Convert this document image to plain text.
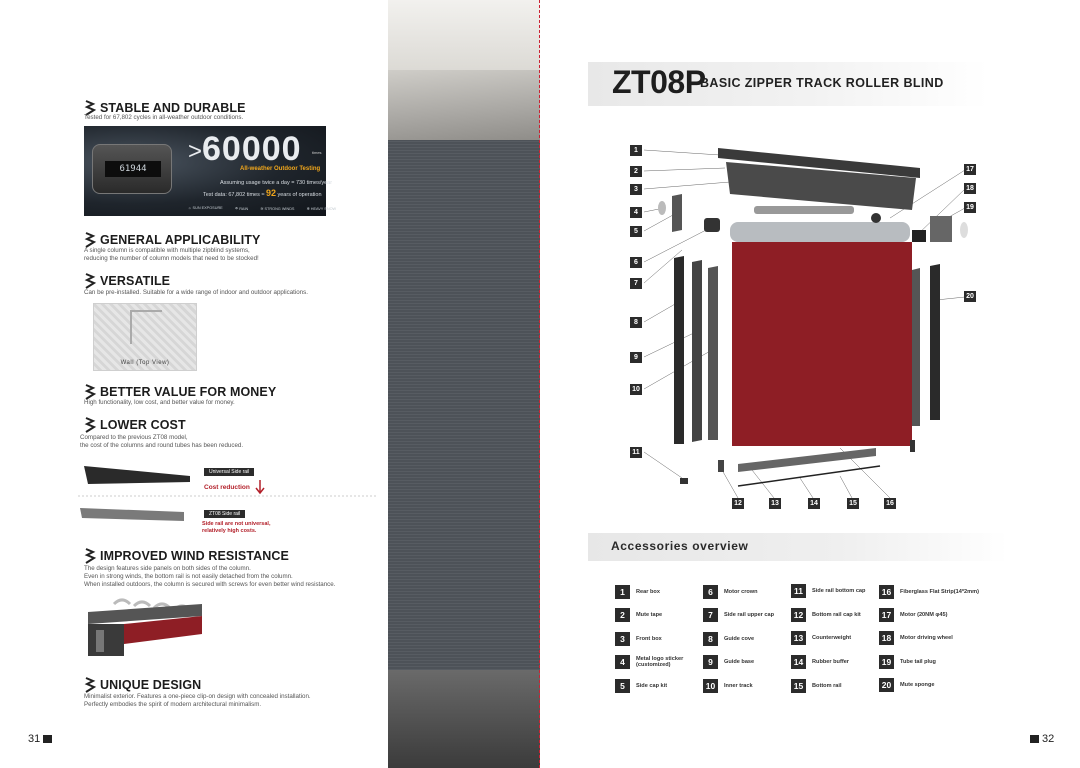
STABLE AND DURABLE
Tested for 67,802 cycles in all-weather outdoor conditions.
61944
> 60000	times
All-weather Outdoor Testing
Assuming usage twice a day = 730 times/year
Test data: 67,802 times ≈ 92 years of operation
☼ SUN EXPOSURE	☂ RAIN	≋ STRONG WINDS	❄ HEAVY SNOW
GENERAL APPLICABILITY
A single column is compatible with multiple zipblind systems,
reducing the number of column models that need to be stocked!
VERSATILE
Can be pre-installed. Suitable for a wide range of indoor and outdoor applications.
Wall (Top View)
BETTER VALUE FOR MONEY
High functionality, low cost, and better value for money.
LOWER COST
Compared to the previous ZT08 model,
the cost of the columns and round tubes has been reduced.
Universal Side rail
Cost reduction
ZT08 Side rail
Side rail are not universal,
relatively high costs.
IMPROVED WIND RESISTANCE
The design features side panels on both sides of the column.
Even in strong winds, the bottom rail is not easily detached from the column.
When installed outdoors, the column is secured with screws for even better wind resistance.
UNIQUE DESIGN
Minimalist exterior. Features a one-piece clip-on design with concealed installation.
Perfectly embodies the spirit of modern architectural minimalism.
31
ZT08P
BASIC ZIPPER TRACK ROLLER BLIND
1
2
3
4
5
6
7
8
9
10
11
12	13	14	15	16
17
18
19
20
Accessories overview
1	Rear box
2	Mute tape
3	Front box
4	Metal logo sticker
(customized)
5	Side cap kit
6	Motor crown
7	Side rail upper cap
8	Guide cove
9	Guide base
10	Inner track
11	Side rail bottom cap
12	Bottom rail cap kit
13	Counterweight
14	Rubber buffer
15	Bottom rail
16	Fiberglass Flat Strip(14*2mm)
17	Motor (20NM φ45)
18	Motor driving wheel
19	Tube tail plug
20	Mute sponge
32
